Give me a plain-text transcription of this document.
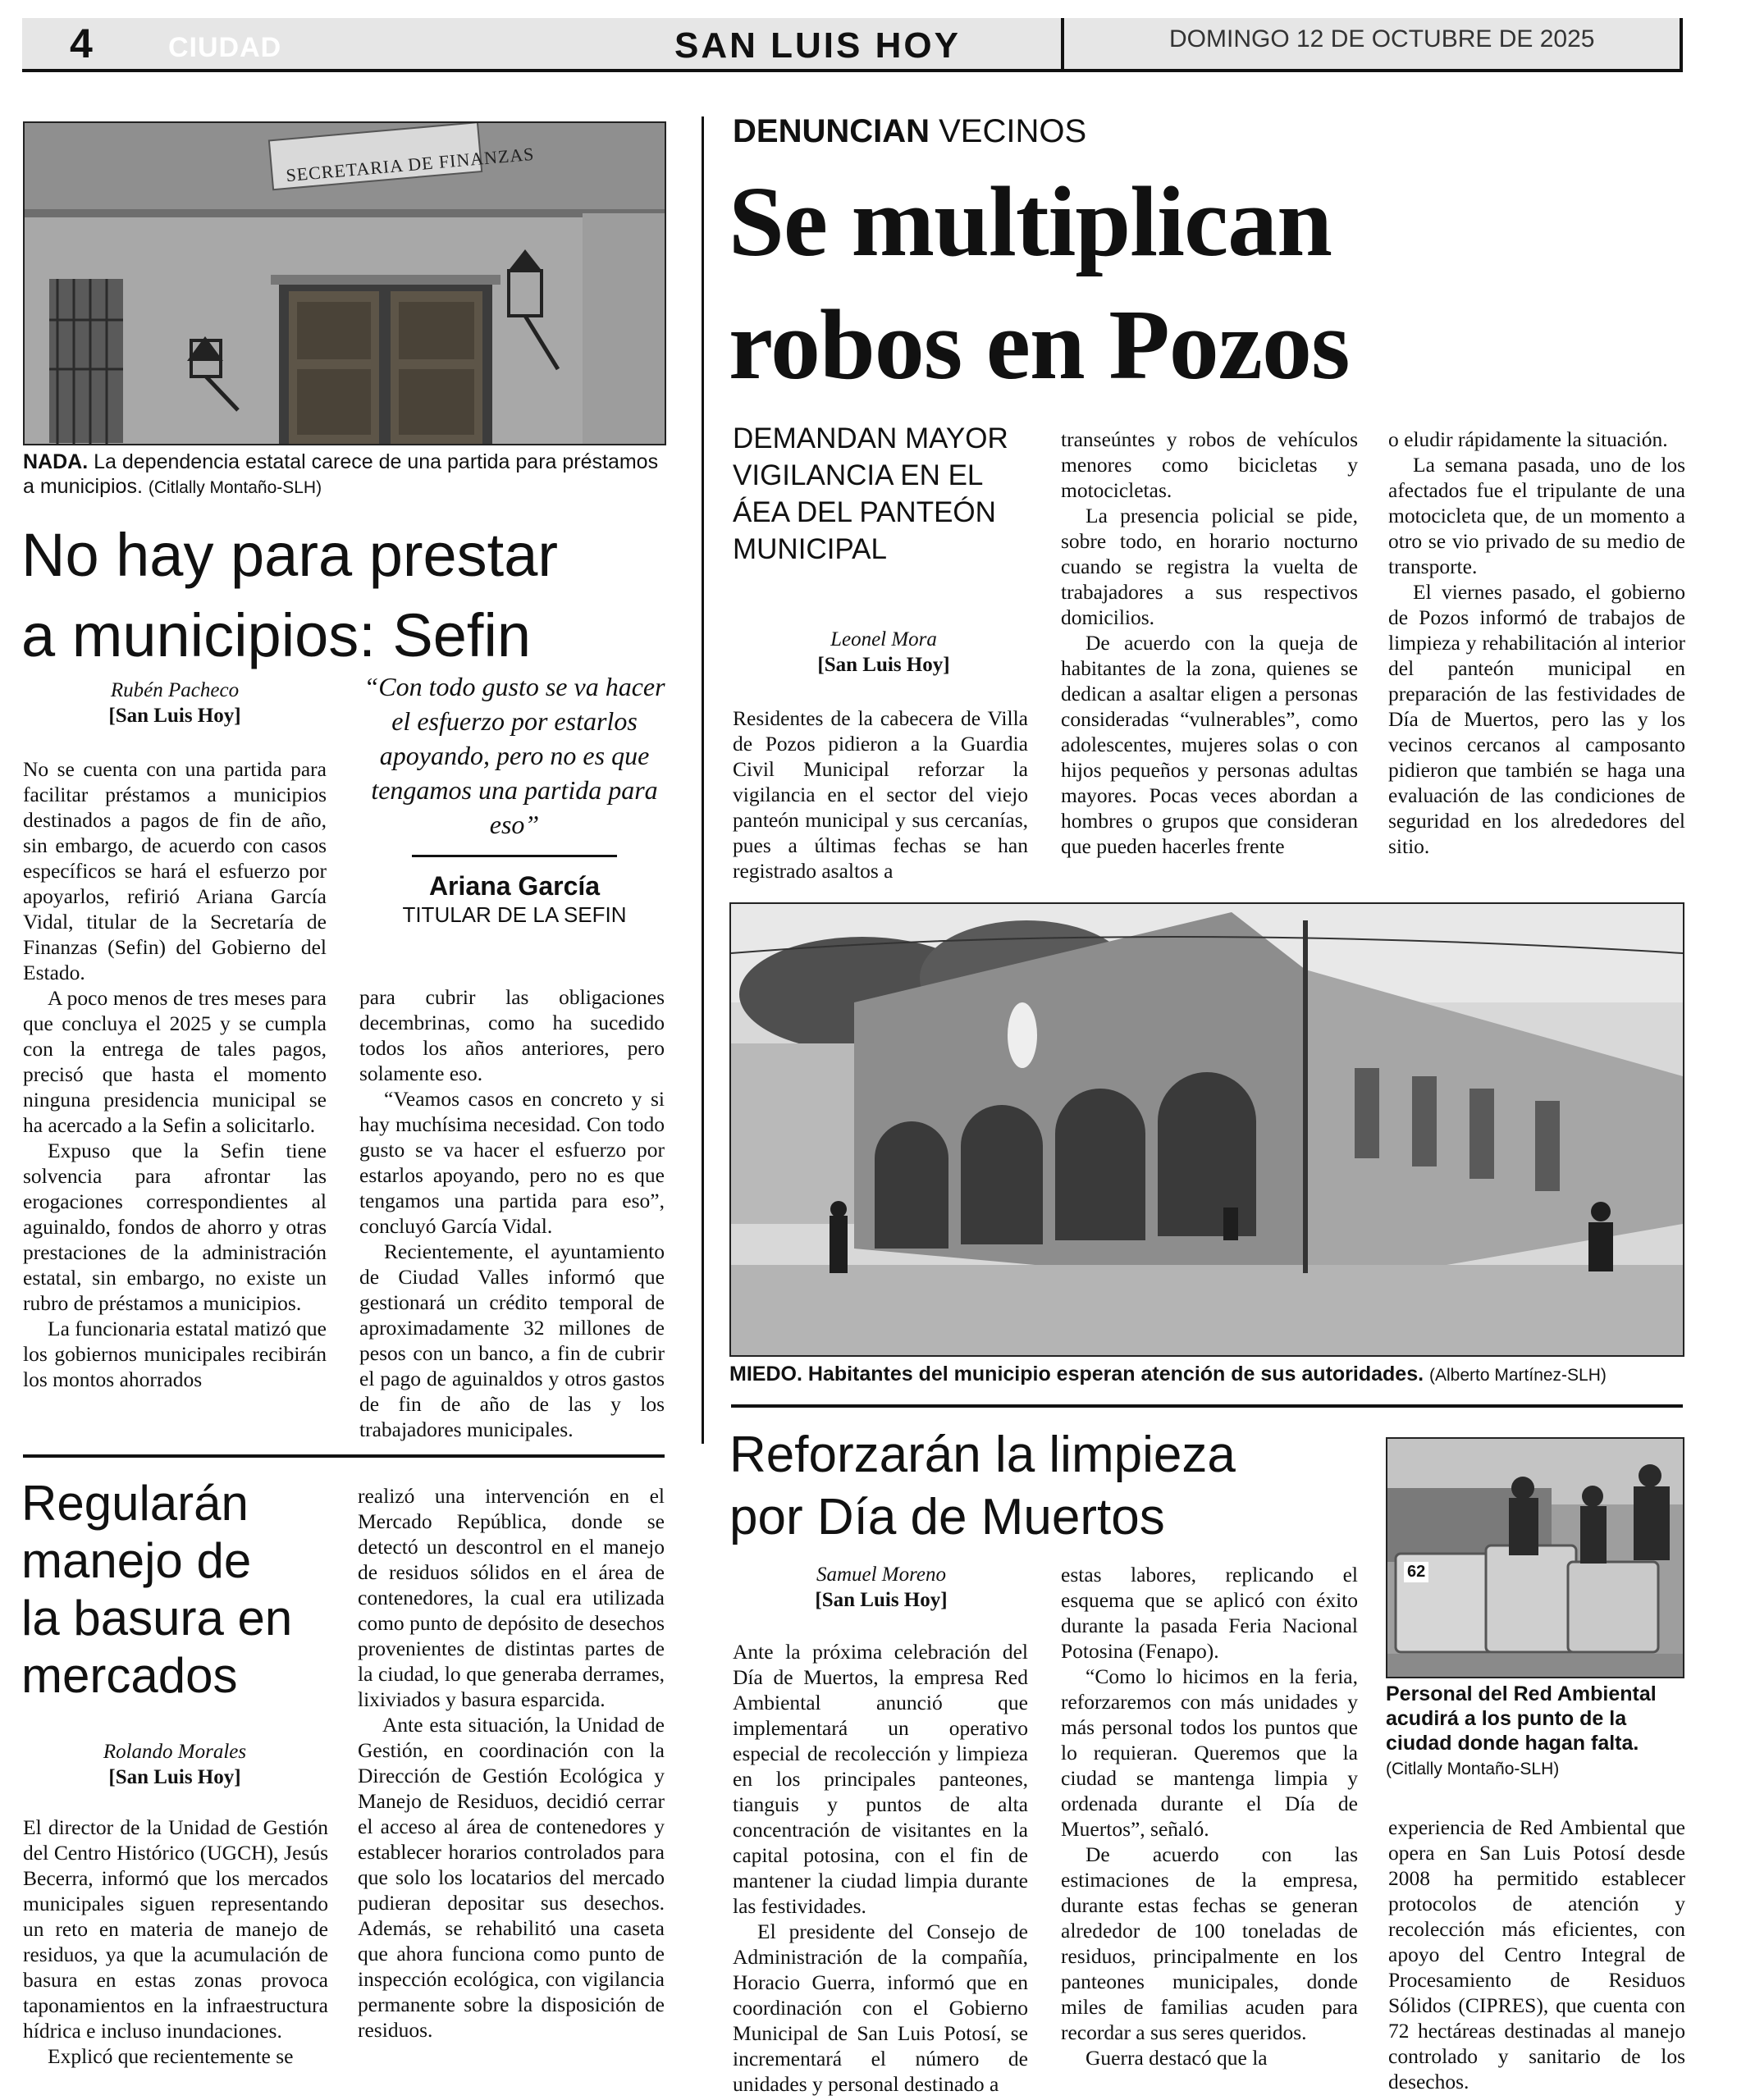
4	CIUDAD	SAN LUIS HOY	DOMINGO 12 DE OCTUBRE DE 2025
SECRETARIA DE FINANZAS

NADA. La dependencia estatal carece de una partida para préstamos a municipios. (Citlally Montaño-SLH)

No hay para prestar
a municipios: Sefin
Rubén Pacheco
[San Luis Hoy]
“Con todo gusto se va hacer el esfuerzo por estarlos apoyando, pero no es que tengamos una partida para eso”
Ariana García
TITULAR DE LA SEFIN

No se cuenta con una partida para facilitar préstamos a municipios destinados a pagos de fin de año, sin embargo, de acuerdo con casos específicos se hará el esfuerzo por apoyarlos, refirió Ariana García Vidal, titular de la Secretaría de Finanzas (Sefin) del Gobierno del Estado.

A poco menos de tres meses para que concluya el 2025 y se cumpla con la entrega de tales pagos, precisó que hasta el momento ninguna presidencia municipal se ha acercado a la Sefin a solicitarlo.

Expuso que la Sefin tiene solvencia para afrontar las erogaciones correspondientes al aguinaldo, fondos de ahorro y otras prestaciones de la administración estatal, sin embargo, no existe un rubro de préstamos a municipios.

La funcionaria estatal matizó que los gobiernos municipales recibirán los montos ahorrados

para cubrir las obligaciones decembrinas, como ha sucedido todos los años anteriores, pero solamente eso.

“Veamos casos en concreto y si hay muchísima necesidad. Con todo gusto se va hacer el esfuerzo por estarlos apoyando, pero no es que tengamos una partida para eso”, concluyó García Vidal.

Recientemente, el ayuntamiento de Ciudad Valles informó que gestionará un crédito temporal de aproximadamente 32 millones de pesos con un banco, a fin de cubrir el pago de aguinaldos y otros gastos de fin de año de las y los trabajadores municipales.

Regularán
manejo de
la basura en
mercados
Rolando Morales
[San Luis Hoy]

El director de la Unidad de Gestión del Centro Histórico (UGCH), Jesús Becerra, informó que los mercados municipales siguen representando un reto en materia de manejo de residuos, ya que la acumulación de basura en estas zonas provoca taponamientos en la infraestructura hídrica e incluso inundaciones.

Explicó que recientemente se

realizó una intervención en el Mercado República, donde se detectó un descontrol en el manejo de residuos sólidos en el área de contenedores, la cual era utilizada como punto de depósito de desechos provenientes de distintas partes de la ciudad, lo que generaba derrames, lixiviados y basura esparcida.

Ante esta situación, la Unidad de Gestión, en coordinación con la Dirección de Gestión Ecológica y Manejo de Residuos, decidió cerrar el acceso al área de contenedores y establecer horarios controlados para que solo los locatarios del mercado pudieran depositar sus desechos. Además, se rehabilitó una caseta que ahora funciona como punto de inspección ecológica, con vigilancia permanente sobre la disposición de residuos.

DENUNCIAN VECINOS
Se multiplican
robos en Pozos
DEMANDAN MAYOR VIGILANCIA EN EL ÁEA DEL PANTEÓN MUNICIPAL
Leonel Mora
[San Luis Hoy]

Residentes de la cabecera de Villa de Pozos pidieron a la Guardia Civil Municipal reforzar la vigilancia en el sector del viejo panteón municipal y sus cercanías, pues a últimas fechas se han registrado asaltos a

transeúntes y robos de vehículos menores como bicicletas y motocicletas.

La presencia policial se pide, sobre todo, en horario nocturno cuando se registra la vuelta de trabajadores a sus respectivos domicilios.

De acuerdo con la queja de habitantes de la zona, quienes se dedican a asaltar eligen a personas consideradas “vulnerables”, como adolescentes, mujeres solas o con hijos pequeños y personas adultas mayores. Pocas veces abordan a hombres o grupos que consideran que pueden hacerles frente

o eludir rápidamente la situación.

La semana pasada, uno de los afectados fue el tripulante de una motocicleta que, de un momento a otro se vio privado de su medio de transporte.

El viernes pasado, el gobierno de Pozos informó de trabajos de limpieza y rehabilitación al interior del panteón municipal en preparación de las festividades de Día de Muertos, pero las y los vecinos cercanos al camposanto pidieron que también se haga una evaluación de las condiciones de seguridad en los alrededores del sitio.

MIEDO. Habitantes del municipio esperan atención de sus autoridades. (Alberto Martínez-SLH)

Reforzarán la limpieza
por Día de Muertos
Samuel Moreno
[San Luis Hoy]

Ante la próxima celebración del Día de Muertos, la empresa Red Ambiental anunció que implementará un operativo especial de recolección y limpieza en los principales panteones, tianguis y puntos de alta concentración de visitantes en la capital potosina, con el fin de mantener la ciudad limpia durante las festividades.

El presidente del Consejo de Administración de la compañía, Horacio Guerra, informó que en coordinación con el Gobierno Municipal de San Luis Potosí, se incrementará el número de unidades y personal destinado a

estas labores, replicando el esquema que se aplicó con éxito durante la pasada Feria Nacional Potosina (Fenapo).

“Como lo hicimos en la feria, reforzaremos con más unidades y más personal todos los puntos que lo requieran. Queremos que la ciudad se mantenga limpia y ordenada durante el Día de Muertos”, señaló.

De acuerdo con las estimaciones de la empresa, durante estas fechas se generan alrededor de 100 toneladas de residuos, principalmente en los panteones municipales, donde miles de familias acuden para recordar a sus seres queridos.

Guerra destacó que la

62

Personal del Red Ambiental acudirá a los punto de la ciudad donde hagan falta. (Citlally Montaño-SLH)

experiencia de Red Ambiental que opera en San Luis Potosí desde 2008 ha permitido establecer protocolos de atención y recolección más eficientes, con apoyo del Centro Integral de Procesamiento de Residuos Sólidos (CIPRES), que cuenta con 72 hectáreas destinadas al manejo controlado y sanitario de los desechos.
